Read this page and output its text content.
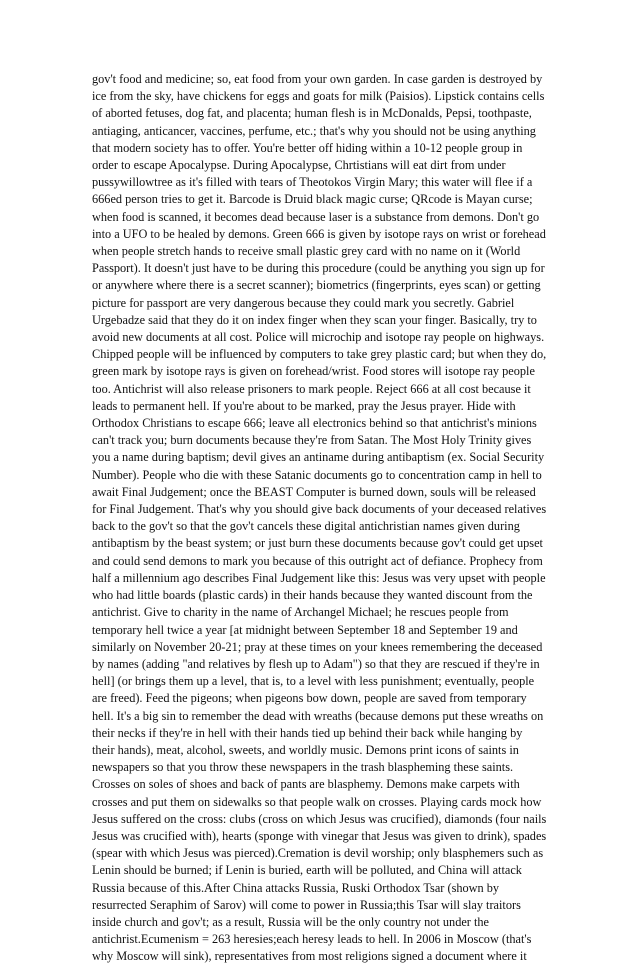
gov't food and medicine; so, eat food from your own garden. In case garden is destroyed by
ice from the sky, have chickens for eggs and goats for milk (Paisios). Lipstick contains cells
of aborted fetuses, dog fat, and placenta; human flesh is in McDonalds, Pepsi, toothpaste,
antiaging, anticancer, vaccines, perfume, etc.; that's why you should not be using anything
that modern society has to offer. You're better off hiding within a 10-12 people group in
order to escape Apocalypse. During Apocalypse, Chrtistians will eat dirt from under
pussywillowtree as it's filled with tears of Theotokos Virgin Mary; this water will flee if a
666ed person tries to get it. Barcode is Druid black magic curse; QRcode is Mayan curse;
when food is scanned, it becomes dead because laser is a substance from demons. Don't go
into a UFO to be healed by demons. Green 666 is given by isotope rays on wrist or forehead
when people stretch hands to receive small plastic grey card with no name on it (World
Passport). It doesn't just have to be during this procedure (could be anything you sign up for
or anywhere where there is a secret scanner); biometrics (fingerprints, eyes scan) or getting
picture for passport are very dangerous because they could mark you secretly. Gabriel
Urgebadze said that they do it on index finger when they scan your finger. Basically, try to
avoid new documents at all cost. Police will microchip and isotope ray people on highways.
Chipped people will be influenced by computers to take grey plastic card; but when they do,
green mark by isotope rays is given on forehead/wrist. Food stores will isotope ray people
too. Antichrist will also release prisoners to mark people. Reject 666 at all cost because it
leads to permanent hell. If you're about to be marked, pray the Jesus prayer. Hide with
Orthodox Christians to escape 666; leave all electronics behind so that antichrist's minions
can't track you; burn documents because they're from Satan. The Most Holy Trinity gives
you a name during baptism; devil gives an antiname during antibaptism (ex. Social Security
Number). People who die with these Satanic documents go to concentration camp in hell to
await Final Judgement; once the BEAST Computer is burned down, souls will be released
for Final Judgement. That's why you should give back documents of your deceased relatives
back to the gov't so that the gov't cancels these digital antichristian names given during
antibaptism by the beast system; or just burn these documents because gov't could get upset
and could send demons to mark you because of this outright act of defiance. Prophecy from
half a millennium ago describes Final Judgement like this: Jesus was very upset with people
who had little boards (plastic cards) in their hands because they wanted discount from the
antichrist. Give to charity in the name of Archangel Michael; he rescues people from
temporary hell twice a year [at midnight between September 18 and September 19 and
similarly on November 20-21; pray at these times on your knees remembering the deceased
by names (adding "and relatives by flesh up to Adam") so that they are rescued if they're in
hell] (or brings them up a level, that is, to a level with less punishment; eventually, people
are freed). Feed the pigeons; when pigeons bow down, people are saved from temporary
hell. It's a big sin to remember the dead with wreaths (because demons put these wreaths on
their necks if they're in hell with their hands tied up behind their back while hanging by
their hands), meat, alcohol, sweets, and worldly music. Demons print icons of saints in
newspapers so that you throw these newspapers in the trash blaspheming these saints.
Crosses on soles of shoes and back of pants are blasphemy. Demons make carpets with
crosses and put them on sidewalks so that people walk on crosses. Playing cards mock how
Jesus suffered on the cross: clubs (cross on which Jesus was crucified), diamonds (four nails
Jesus was crucified with), hearts (sponge with vinegar that Jesus was given to drink), spades
(spear with which Jesus was pierced).Cremation is devil worship; only blasphemers such as
Lenin should be burned; if Lenin is buried, earth will be polluted, and China will attack
Russia because of this.After China attacks Russia, Ruski Orthodox Tsar (shown by
resurrected Seraphim of Sarov) will come to power in Russia;this Tsar will slay traitors
inside church and gov't; as a result, Russia will be the only country not under the
antichrist.Ecumenism = 263 heresies;each heresy leads to hell. In 2006 in Moscow (that's
why Moscow will sink), representatives from most religions signed a document where it
